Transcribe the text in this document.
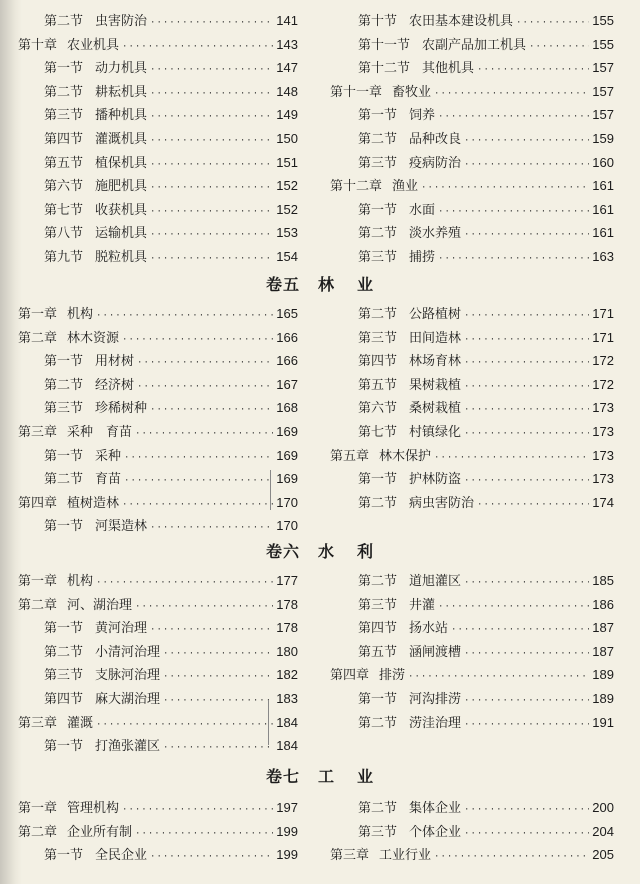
第二节 虫害防治 ·····	141
第十章 农业机具 ·····	143
第一节 动力机具 ·····	147
第二节 耕耘机具 ·····	148
第三节 播种机具 ·····	149
第四节 灌溉机具 ·····	150
第五节 植保机具 ·····	151
第六节 施肥机具 ·····	152
第七节 收获机具 ·····	152
第八节 运输机具 ·····	153
第九节 脱粒机具 ·····	154
第十节 农田基本建设机具 ·····	155
第十一节 农副产品加工机具 ·····	155
第十二节 其他机具 ·····	157
第十一章 畜牧业 ·····	157
第一节 饲养 ·····	157
第二节 品种改良 ·····	159
第三节 疫病防治 ·····	160
第十二章 渔业 ·····	161
第一节 水面 ·····	161
第二节 淡水养殖 ·····	161
第三节 捕捞 ·····	163
卷五 林 业
第一章 机构 ·····	165
第二章 林木资源 ·····	166
第一节 用材树 ·····	166
第二节 经济树 ·····	167
第三节 珍稀树种 ·····	168
第三章 采种　育苗 ·····	169
第一节 采种 ·····	169
第二节 育苗 ·····	169
第四章 植树造林 ·····	170
第一节 河渠造林 ·····	170
第二节 公路植树 ·····	171
第三节 田间造林 ·····	171
第四节 林场育林 ·····	172
第五节 果树栽植 ·····	172
第六节 桑树栽植 ·····	173
第七节 村镇绿化 ·····	173
第五章 林木保护 ·····	173
第一节 护林防盗 ·····	173
第二节 病虫害防治 ·····	174
卷六 水 利
第一章 机构 ·····	177
第二章 河、湖治理 ·····	178
第一节 黄河治理 ·····	178
第二节 小清河治理 ·····	180
第三节 支脉河治理 ·····	182
第四节 麻大湖治理 ·····	183
第三章 灌溉 ·····	184
第一节 打渔张灌区 ·····	184
第二节 道旭灌区 ·····	185
第三节 井灌 ·····	186
第四节 扬水站 ·····	187
第五节 涵闸渡槽 ·····	187
第四章 排涝 ·····	189
第一节 河沟排涝 ·····	189
第二节 涝洼治理 ·····	191
卷七 工 业
第一章 管理机构 ·····	197
第二章 企业所有制 ·····	199
第一节 全民企业 ·····	199
第二节 集体企业 ·····	200
第三节 个体企业 ·····	204
第三章 工业行业 ·····	205
